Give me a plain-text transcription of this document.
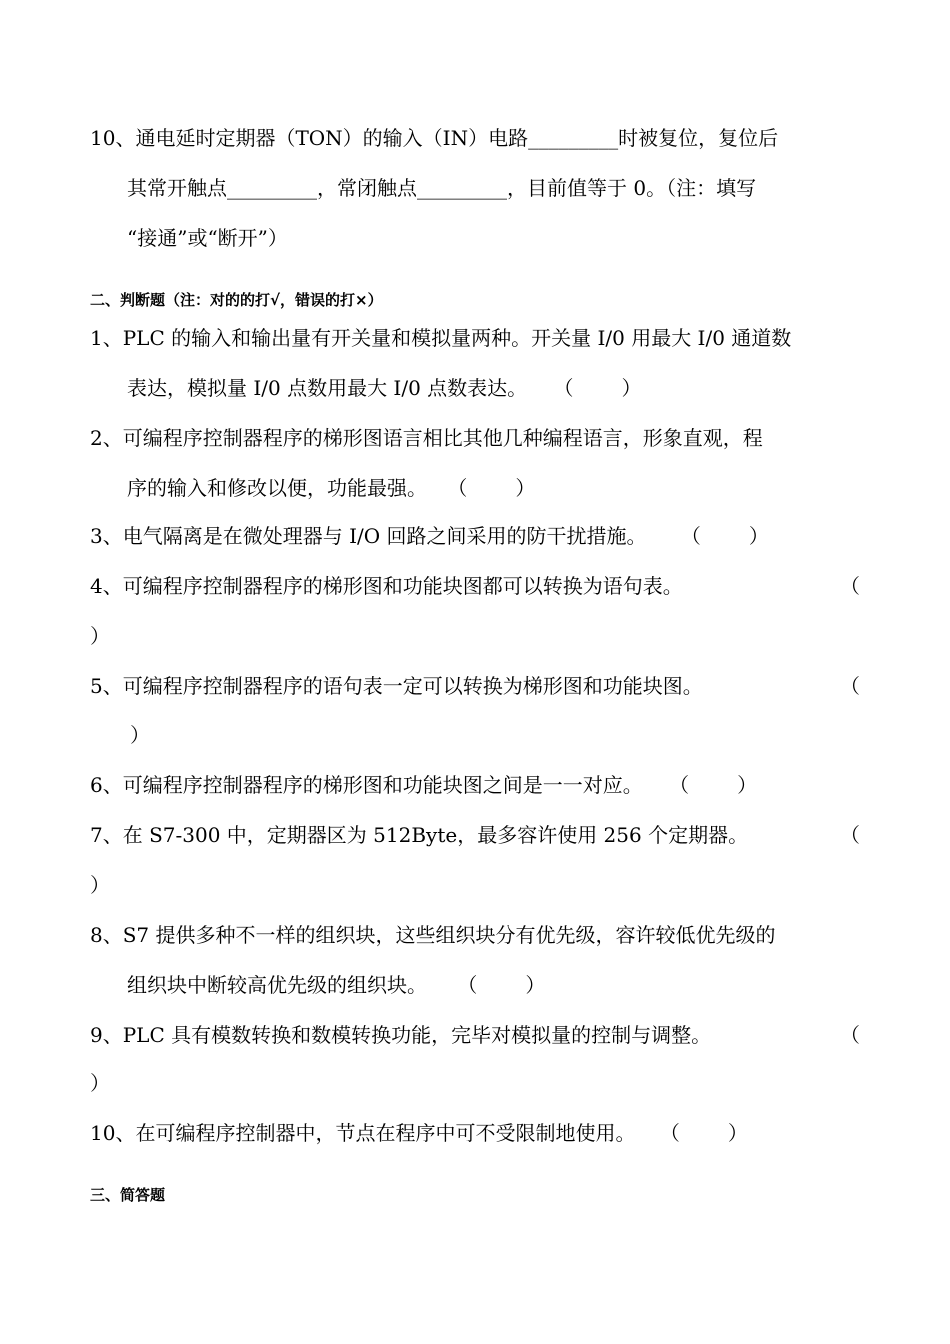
10、通电延时定期器（TON）的输入（IN）电路_________时被复位，复位后
其常开触点_________，常闭触点_________，目前值等于 0。（注：填写
“接通”或“断开”）
二、判断题（注：对的的打√，错误的打×）
1、PLC 的输入和输出量有开关量和模拟量两种。开关量 I/0 用最大 I/0 通道数
表达，模拟量 I/0 点数用最大 I/0 点数表达。 （ ）
2、可编程序控制器程序的梯形图语言相比其他几种编程语言，形象直观，程
序的输入和修改以便，功能最强。 （ ）
3、电气隔离是在微处理器与 I/O 回路之间采用的防干扰措施。 （ ）
4、可编程序控制器程序的梯形图和功能块图都可以转换为语句表。	（
）
5、可编程序控制器程序的语句表一定可以转换为梯形图和功能块图。	（
）
6、可编程序控制器程序的梯形图和功能块图之间是一一对应。 （ ）
7、在 S7-300 中，定期器区为 512Byte，最多容许使用 256 个定期器。	（
）
8、S7 提供多种不一样的组织块，这些组织块分有优先级，容许较低优先级的
组织块中断较高优先级的组织块。 （ ）
9、PLC 具有模数转换和数模转换功能，完毕对模拟量的控制与调整。	（
）
10、在可编程序控制器中，节点在程序中可不受限制地使用。 （ ）
三、简答题
